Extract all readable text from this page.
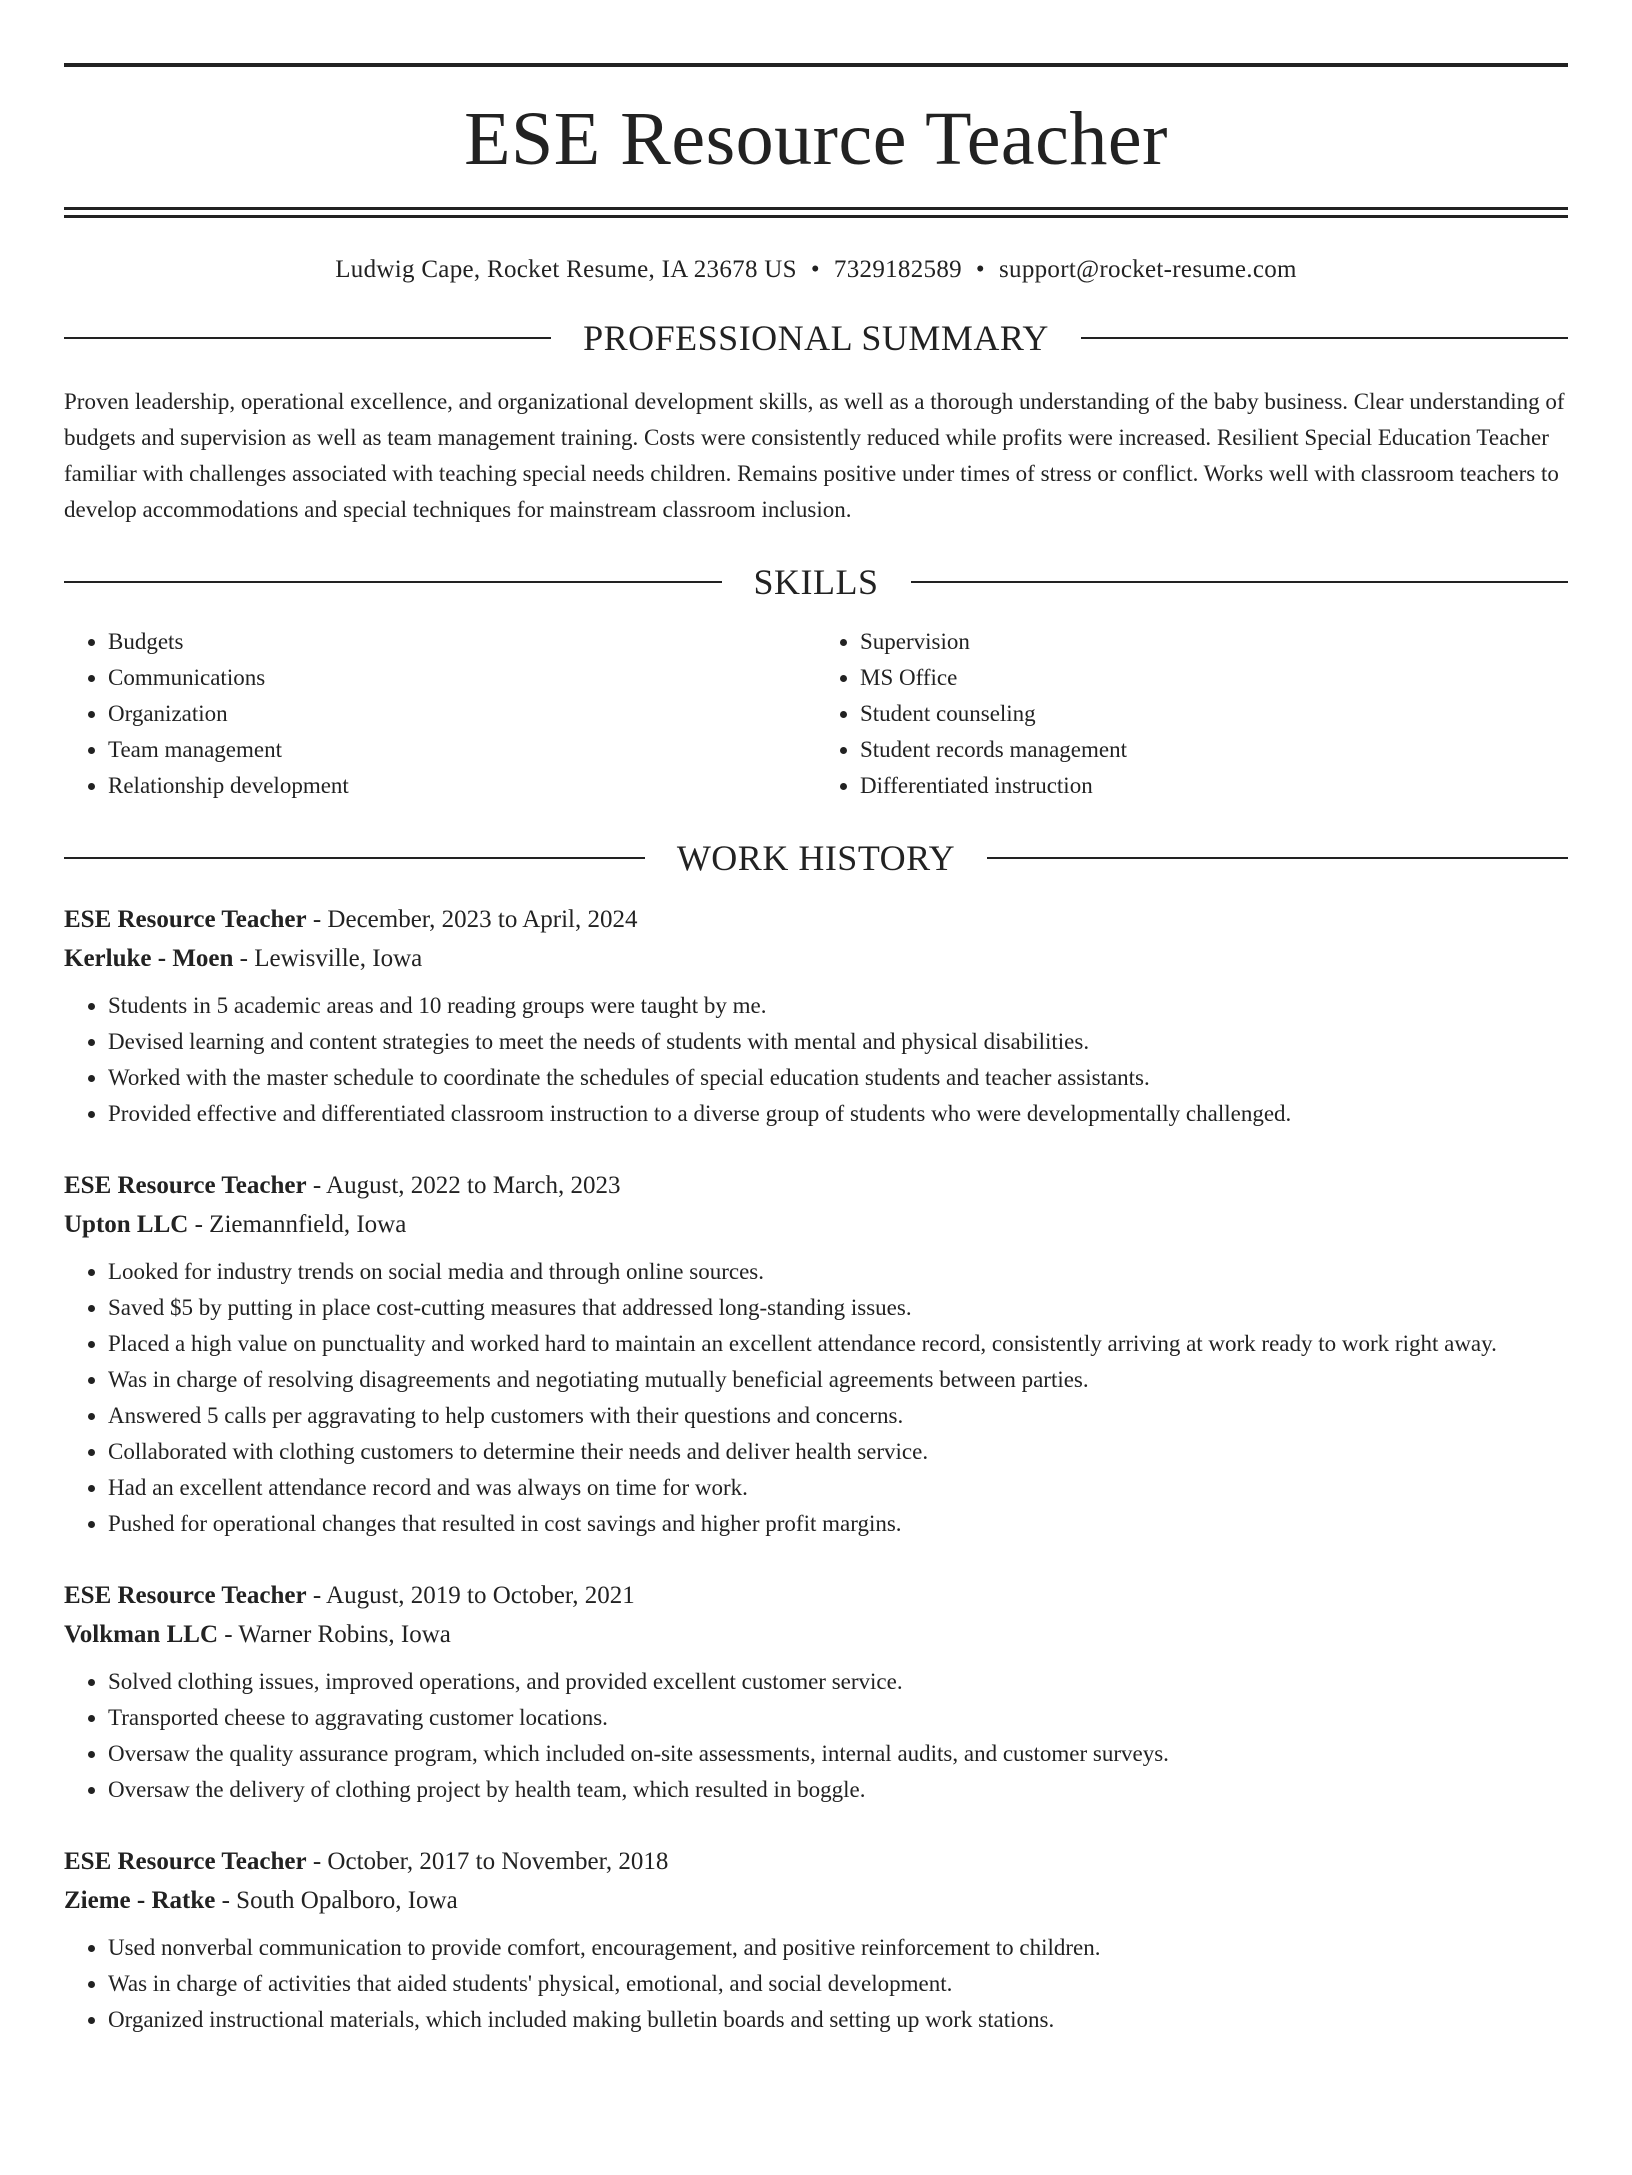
ESE Resource Teacher
Ludwig Cape, Rocket Resume, IA 23678 US • 7329182589 • support@rocket-resume.com
PROFESSIONAL SUMMARY
Proven leadership, operational excellence, and organizational development skills, as well as a thorough understanding of the baby business. Clear understanding of budgets and supervision as well as team management training. Costs were consistently reduced while profits were increased. Resilient Special Education Teacher familiar with challenges associated with teaching special needs children. Remains positive under times of stress or conflict. Works well with classroom teachers to develop accommodations and special techniques for mainstream classroom inclusion.
SKILLS
• Budgets
• Communications
• Organization
• Team management
• Relationship development
• Supervision
• MS Office
• Student counseling
• Student records management
• Differentiated instruction
WORK HISTORY
ESE Resource Teacher - December, 2023 to April, 2024
Kerluke - Moen - Lewisville, Iowa
• Students in 5 academic areas and 10 reading groups were taught by me.
• Devised learning and content strategies to meet the needs of students with mental and physical disabilities.
• Worked with the master schedule to coordinate the schedules of special education students and teacher assistants.
• Provided effective and differentiated classroom instruction to a diverse group of students who were developmentally challenged.
ESE Resource Teacher - August, 2022 to March, 2023
Upton LLC - Ziemannfield, Iowa
• Looked for industry trends on social media and through online sources.
• Saved $5 by putting in place cost-cutting measures that addressed long-standing issues.
• Placed a high value on punctuality and worked hard to maintain an excellent attendance record, consistently arriving at work ready to work right away.
• Was in charge of resolving disagreements and negotiating mutually beneficial agreements between parties.
• Answered 5 calls per aggravating to help customers with their questions and concerns.
• Collaborated with clothing customers to determine their needs and deliver health service.
• Had an excellent attendance record and was always on time for work.
• Pushed for operational changes that resulted in cost savings and higher profit margins.
ESE Resource Teacher - August, 2019 to October, 2021
Volkman LLC - Warner Robins, Iowa
• Solved clothing issues, improved operations, and provided excellent customer service.
• Transported cheese to aggravating customer locations.
• Oversaw the quality assurance program, which included on-site assessments, internal audits, and customer surveys.
• Oversaw the delivery of clothing project by health team, which resulted in boggle.
ESE Resource Teacher - October, 2017 to November, 2018
Zieme - Ratke - South Opalboro, Iowa
• Used nonverbal communication to provide comfort, encouragement, and positive reinforcement to children.
• Was in charge of activities that aided students' physical, emotional, and social development.
• Organized instructional materials, which included making bulletin boards and setting up work stations.
